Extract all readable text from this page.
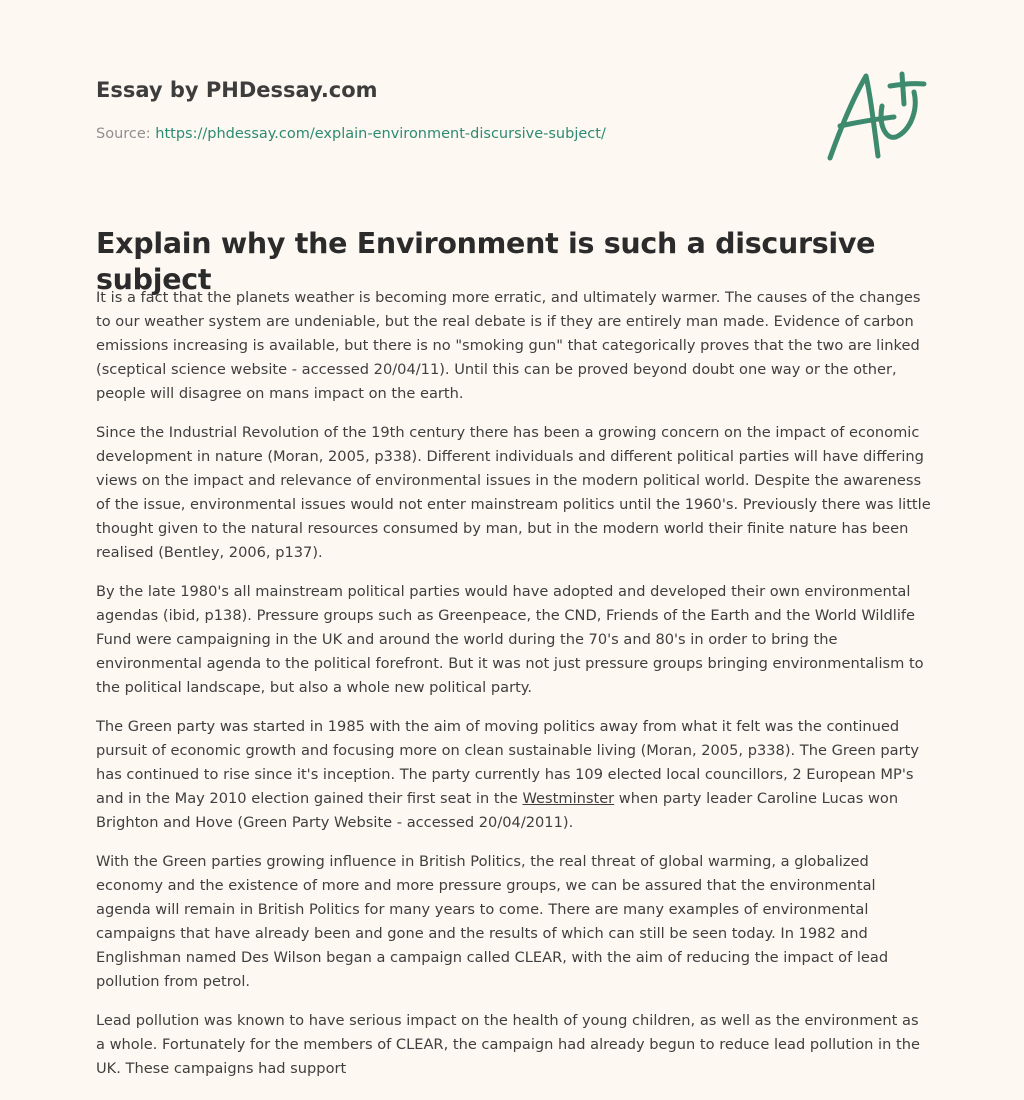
Essay by PHDessay.com
Source: https://phdessay.com/explain-environment-discursive-subject/
Explain why the Environment is such a discursive subject

It is a fact that the planets weather is becoming more erratic, and ultimately warmer. The causes of the changes to our weather system are undeniable, but the real debate is if they are entirely man made. Evidence of carbon emissions increasing is available, but there is no "smoking gun" that categorically proves that the two are linked (sceptical science website - accessed 20/04/11). Until this can be proved beyond doubt one way or the other, people will disagree on mans impact on the earth.

Since the Industrial Revolution of the 19th century there has been a growing concern on the impact of economic development in nature (Moran, 2005, p338). Different individuals and different political parties will have differing views on the impact and relevance of environmental issues in the modern political world. Despite the awareness of the issue, environmental issues would not enter mainstream politics until the 1960's. Previously there was little thought given to the natural resources consumed by man, but in the modern world their finite nature has been realised (Bentley, 2006, p137).

By the late 1980's all mainstream political parties would have adopted and developed their own environmental agendas (ibid, p138). Pressure groups such as Greenpeace, the CND, Friends of the Earth and the World Wildlife Fund were campaigning in the UK and around the world during the 70's and 80's in order to bring the environmental agenda to the political forefront. But it was not just pressure groups bringing environmentalism to the political landscape, but also a whole new political party.

The Green party was started in 1985 with the aim of moving politics away from what it felt was the continued pursuit of economic growth and focusing more on clean sustainable living (Moran, 2005, p338). The Green party has continued to rise since it's inception. The party currently has 109 elected local councillors, 2 European MP's and in the May 2010 election gained their first seat in the Westminster when party leader Caroline Lucas won Brighton and Hove (Green Party Website - accessed 20/04/2011).

With the Green parties growing influence in British Politics, the real threat of global warming, a globalized economy and the existence of more and more pressure groups, we can be assured that the environmental agenda will remain in British Politics for many years to come. There are many examples of environmental campaigns that have already been and gone and the results of which can still be seen today. In 1982 and Englishman named Des Wilson began a campaign called CLEAR, with the aim of reducing the impact of lead pollution from petrol.

Lead pollution was known to have serious impact on the health of young children, as well as the environment as a whole. Fortunately for the members of CLEAR, the campaign had already begun to reduce lead pollution in the UK. These campaigns had support
